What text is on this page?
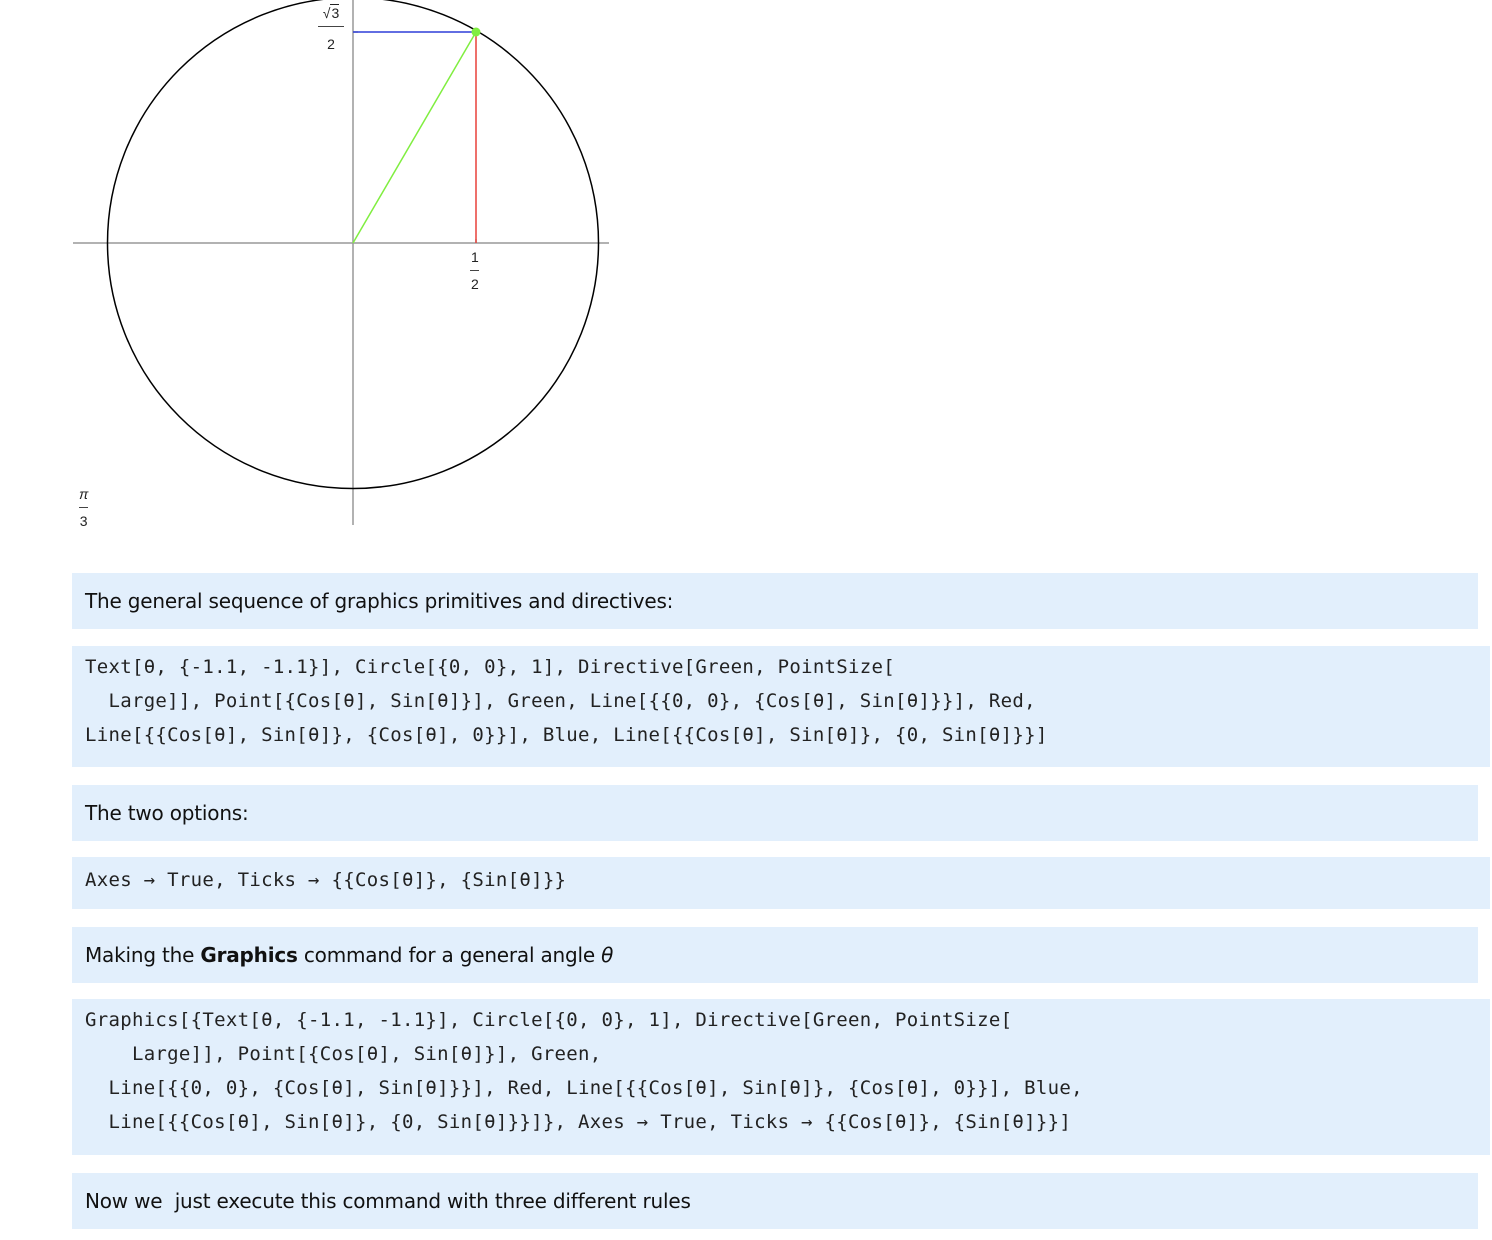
√3
2
1
2
π
3
The general sequence of graphics primitives and directives:
Text[θ, {-1.1, -1.1}], Circle[{0, 0}, 1], Directive[Green, PointSize[
Large]], Point[{Cos[θ], Sin[θ]}], Green, Line[{{0, 0}, {Cos[θ], Sin[θ]}}], Red,
Line[{{Cos[θ], Sin[θ]}, {Cos[θ], 0}}], Blue, Line[{{Cos[θ], Sin[θ]}, {0, Sin[θ]}}]
The two options:
Axes → True, Ticks → {{Cos[θ]}, {Sin[θ]}}
Making the Graphics command for a general angle θ
Graphics[{Text[θ, {-1.1, -1.1}], Circle[{0, 0}, 1], Directive[Green, PointSize[
Large]], Point[{Cos[θ], Sin[θ]}], Green,
Line[{{0, 0}, {Cos[θ], Sin[θ]}}], Red, Line[{{Cos[θ], Sin[θ]}, {Cos[θ], 0}}], Blue,
Line[{{Cos[θ], Sin[θ]}, {0, Sin[θ]}}]}, Axes → True, Ticks → {{Cos[θ]}, {Sin[θ]}}]
Now we  just execute this command with three different rules
